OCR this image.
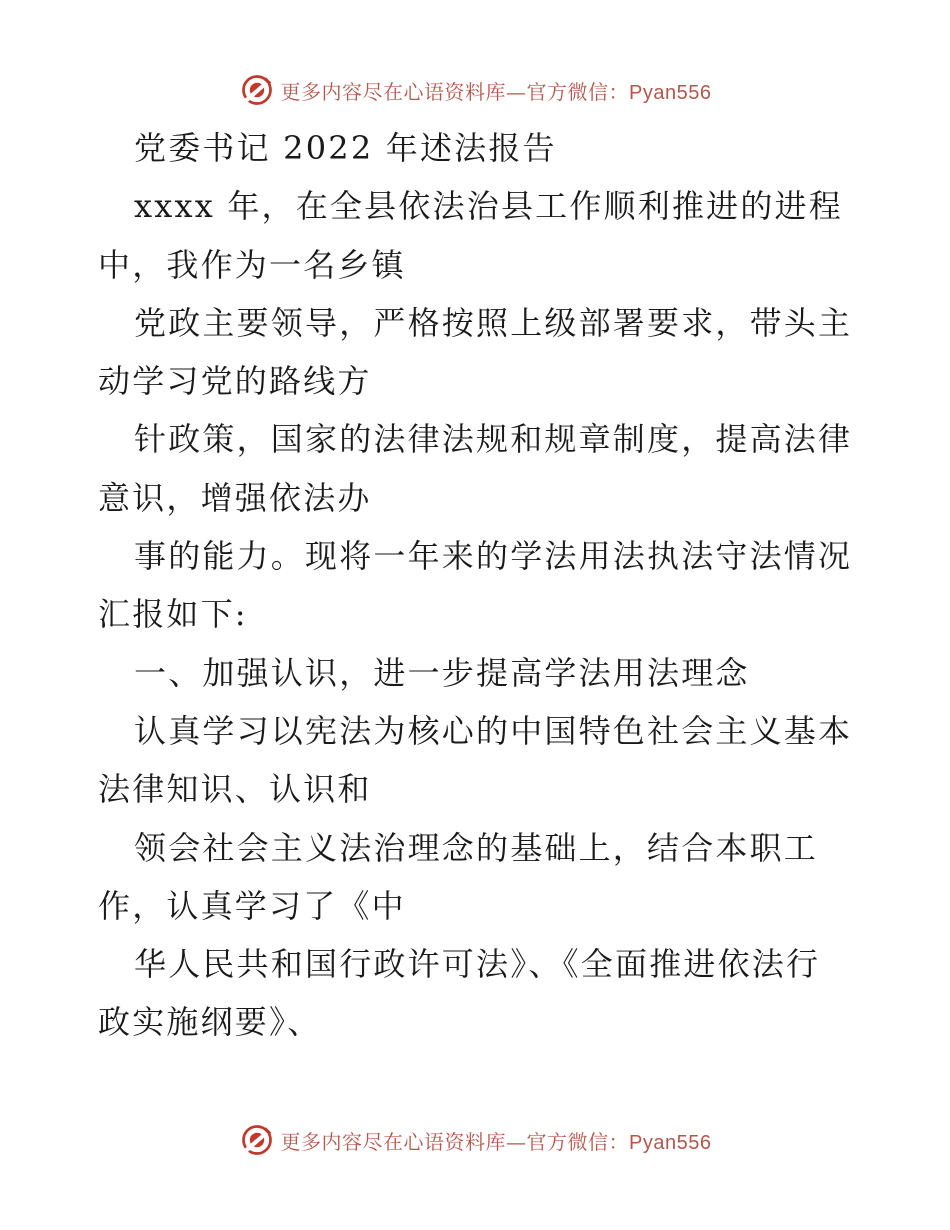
更多内容尽在心语资料库—官方微信：Pyan556
党委书记 2022 年述法报告
xxxx 年，在全县依法治县工作顺利推进的进程
中，我作为一名乡镇
党政主要领导，严格按照上级部署要求，带头主
动学习党的路线方
针政策，国家的法律法规和规章制度，提高法律
意识，增强依法办
事的能力。现将一年来的学法用法执法守法情况
汇报如下:
一、加强认识，进一步提高学法用法理念
认真学习以宪法为核心的中国特色社会主义基本
法律知识、认识和
领会社会主义法治理念的基础上，结合本职工
作，认真学习了《中
华人民共和国行政许可法》、《全面推进依法行
政实施纲要》、
更多内容尽在心语资料库—官方微信：Pyan556
